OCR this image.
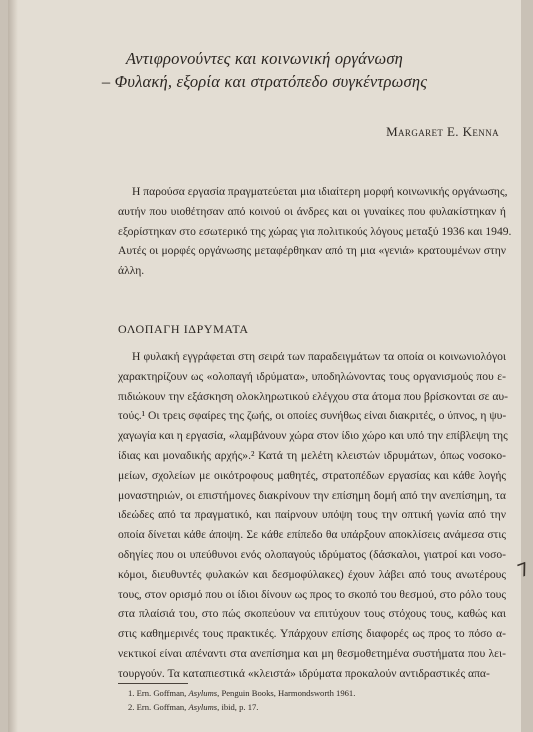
Αντιφρονούντες και κοινωνική οργάνωση
– Φυλακή, εξορία και στρατόπεδο συγκέντρωσης
Margaret E. Kenna
Η παρούσα εργασία πραγματεύεται μια ιδιαίτερη μορφή κοινωνικής οργάνωσης,
αυτήν που υιοθέτησαν από κοινού οι άνδρες και οι γυναίκες που φυλακίστηκαν ή
εξορίστηκαν στο εσωτερικό της χώρας για πολιτικούς λόγους μεταξύ 1936 και 1949.
Αυτές οι μορφές οργάνωσης μεταφέρθηκαν από τη μια «γενιά» κρατουμένων στην
άλλη.
ΟΛΟΠΑΓΗ ΙΔΡΥΜΑΤΑ
Η φυλακή εγγράφεται στη σειρά των παραδειγμάτων τα οποία οι κοινωνιολόγοι
χαρακτηρίζουν ως «ολοπαγή ιδρύματα», υποδηλώνοντας τους οργανισμούς που ε-
πιδιώκουν την εξάσκηση ολοκληρωτικού ελέγχου στα άτομα που βρίσκονται σε αυ-
τούς.¹ Οι τρεις σφαίρες της ζωής, οι οποίες συνήθως είναι διακριτές, ο ύπνος, η ψυ-
χαγωγία και η εργασία, «λαμβάνουν χώρα στον ίδιο χώρο και υπό την επίβλεψη της
ίδιας και μοναδικής αρχής».² Κατά τη μελέτη κλειστών ιδρυμάτων, όπως νοσοκο-
μείων, σχολείων με οικότροφους μαθητές, στρατοπέδων εργασίας και κάθε λογής
μοναστηριών, οι επιστήμονες διακρίνουν την επίσημη δομή από την ανεπίσημη, τα
ιδεώδες από τα πραγματικό, και παίρνουν υπόψη τους την οπτική γωνία από την
οποία δίνεται κάθε άποψη. Σε κάθε επίπεδο θα υπάρξουν αποκλίσεις ανάμεσα στις
οδηγίες που οι υπεύθυνοι ενός ολοπαγούς ιδρύματος (δάσκαλοι, γιατροί και νοσο-
κόμοι, διευθυντές φυλακών και δεσμοφύλακες) έχουν λάβει από τους ανωτέρους
τους, στον ορισμό που οι ίδιοι δίνουν ως προς το σκοπό του θεσμού, στο ρόλο τους
στα πλαίσιά του, στο πώς σκοπεύουν να επιτύχουν τους στόχους τους, καθώς και
στις καθημερινές τους πρακτικές. Υπάρχουν επίσης διαφορές ως προς το πόσο α-
νεκτικοί είναι απέναντι στα ανεπίσημα και μη θεσμοθετημένα συστήματα που λει-
τουργούν. Τα καταπιεστικά «κλειστά» ιδρύματα προκαλούν αντιδραστικές απα-
1. Ern. Goffman, Asylums, Penguin Books, Harmondsworth 1961.
2. Ern. Goffman, Asylums, ibid, p. 17.
7
